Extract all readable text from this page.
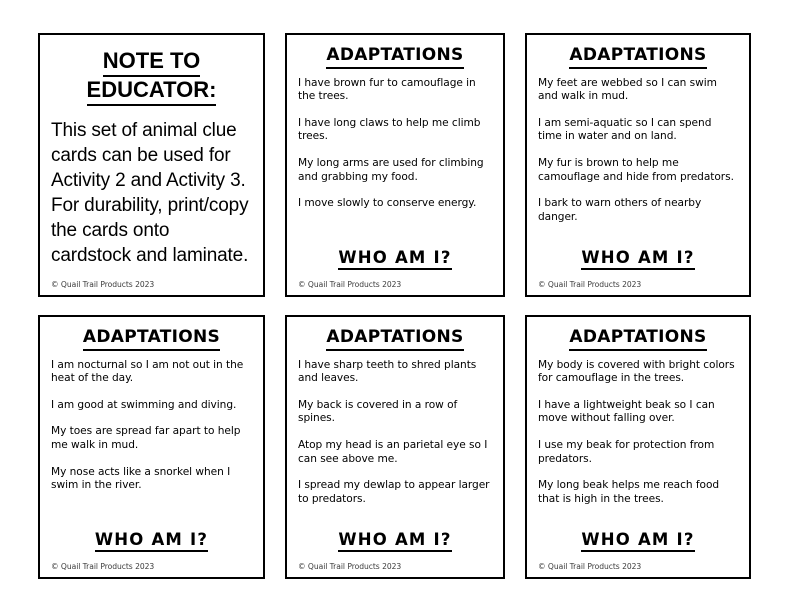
NOTE TO
EDUCATOR:
This set of animal clue cards can be used for Activity 2 and Activity 3. For durability, print/copy the cards onto cardstock and laminate.
© Quail Trail Products 2023
ADAPTATIONS

I have brown fur to camouflage in the trees.

I have long claws to help me climb trees.

My long arms are used for climbing and grabbing my food.

I move slowly to conserve energy.

WHO AM I?
© Quail Trail Products 2023
ADAPTATIONS

My feet are webbed so I can swim and walk in mud.

I am semi-aquatic so I can spend time in water and on land.

My fur is brown to help me camouflage and hide from predators.

I bark to warn others of nearby danger.

WHO AM I?
© Quail Trail Products 2023
ADAPTATIONS

I am nocturnal so I am not out in the heat of the day.

I am good at swimming and diving.

My toes are spread far apart to help me walk in mud.

My nose acts like a snorkel when I swim in the river.

WHO AM I?
© Quail Trail Products 2023
ADAPTATIONS

I have sharp teeth to shred plants and leaves.

My back is covered in a row of spines.

Atop my head is an parietal eye so I can see above me.

I spread my dewlap to appear larger to predators.

WHO AM I?
© Quail Trail Products 2023
ADAPTATIONS

My body is covered with bright colors for camouflage in the trees.

I have a lightweight beak so I can move without falling over.

I use my beak for protection from predators.

My long beak helps me reach food that is high in the trees.

WHO AM I?
© Quail Trail Products 2023
